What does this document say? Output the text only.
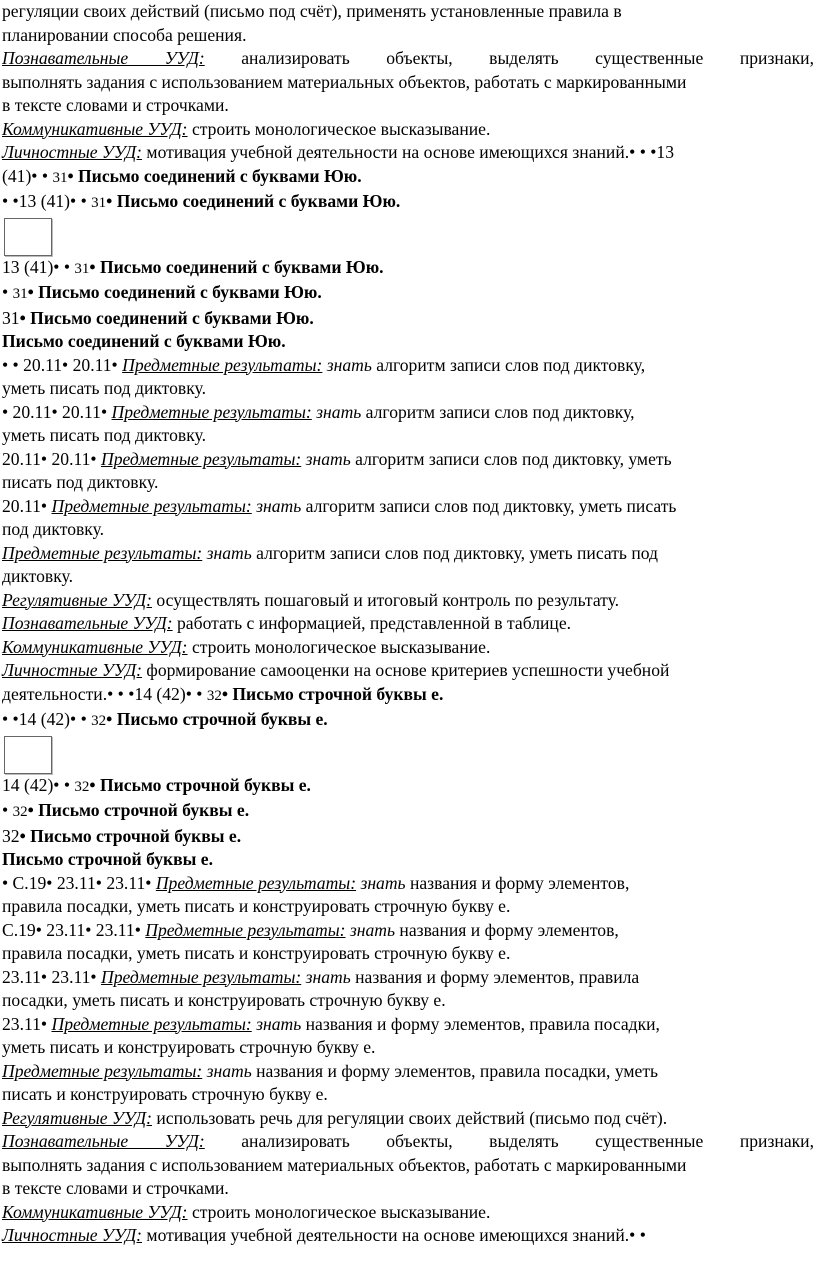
регуляции своих действий (письмо под счёт), применять установленные правила в

планировании способа решения.

Познавательные УУД: анализировать объекты, выделять существенные признаки,

выполнять задания с использованием материальных объектов, работать с маркированными

в тексте словами и строчками.

Коммуникативные УУД: строить монологическое высказывание.

Личностные УУД: мотивация учебной деятельности на основе имеющихся знаний.• • •13

(41)• • 31• Письмо соединений с буквами Юю.

• •13 (41)• • 31• Письмо соединений с буквами Юю.

13 (41)• • 31• Письмо соединений с буквами Юю.

• 31• Письмо соединений с буквами Юю.

31• Письмо соединений с буквами Юю.

Письмо соединений с буквами Юю.

• • 20.11• 20.11• Предметные результаты: знать алгоритм записи слов под диктовку,

уметь писать под диктовку.

• 20.11• 20.11• Предметные результаты: знать алгоритм записи слов под диктовку,

уметь писать под диктовку.

20.11• 20.11• Предметные результаты: знать алгоритм записи слов под диктовку, уметь

писать под диктовку.

20.11• Предметные результаты: знать алгоритм записи слов под диктовку, уметь писать

под диктовку.

Предметные результаты: знать алгоритм записи слов под диктовку, уметь писать под

диктовку.

Регулятивные УУД: осуществлять пошаговый и итоговый контроль по результату.

Познавательные УУД: работать с информацией, представленной в таблице.

Коммуникативные УУД: строить монологическое высказывание.

Личностные УУД: формирование самооценки на основе критериев успешности учебной

деятельности.• • •14 (42)• • 32• Письмо строчной буквы е.

• •14 (42)• • 32• Письмо строчной буквы е.

14 (42)• • 32• Письмо строчной буквы е.

• 32• Письмо строчной буквы е.

32• Письмо строчной буквы е.

Письмо строчной буквы е.

• С.19• 23.11• 23.11• Предметные результаты: знать названия и форму элементов,

правила посадки, уметь писать и конструировать строчную букву е.

С.19• 23.11• 23.11• Предметные результаты: знать названия и форму элементов,

правила посадки, уметь писать и конструировать строчную букву е.

23.11• 23.11• Предметные результаты: знать названия и форму элементов, правила

посадки, уметь писать и конструировать строчную букву е.

23.11• Предметные результаты: знать названия и форму элементов, правила посадки,

уметь писать и конструировать строчную букву е.

Предметные результаты: знать названия и форму элементов, правила посадки, уметь

писать и конструировать строчную букву е.

Регулятивные УУД: использовать речь для регуляции своих действий (письмо под счёт).

Познавательные УУД: анализировать объекты, выделять существенные признаки,

выполнять задания с использованием материальных объектов, работать с маркированными

в тексте словами и строчками.

Коммуникативные УУД: строить монологическое высказывание.

Личностные УУД: мотивация учебной деятельности на основе имеющихся знаний.• •
